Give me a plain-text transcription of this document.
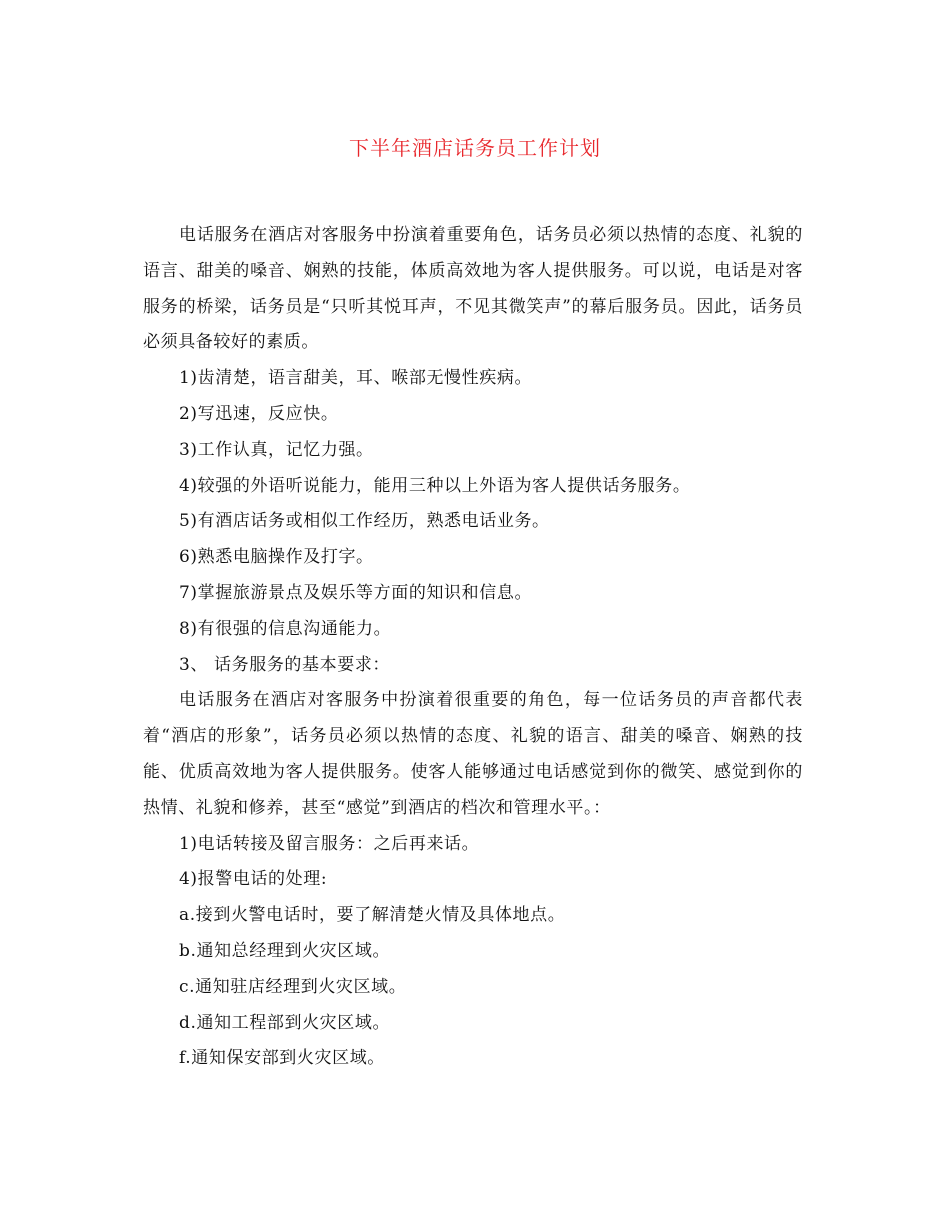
下半年酒店话务员工作计划

电话服务在酒店对客服务中扮演着重要角色，话务员必须以热情的态度、礼貌的语言、甜美的嗓音、娴熟的技能，体质高效地为客人提供服务。可以说，电话是对客服务的桥梁，话务员是“只听其悦耳声，不见其微笑声”的幕后服务员。因此，话务员必须具备较好的素质。

1)齿清楚，语言甜美，耳、喉部无慢性疾病。

2)写迅速，反应快。

3)工作认真，记忆力强。

4)较强的外语听说能力，能用三种以上外语为客人提供话务服务。

5)有酒店话务或相似工作经历，熟悉电话业务。

6)熟悉电脑操作及打字。

7)掌握旅游景点及娱乐等方面的知识和信息。

8)有很强的信息沟通能力。

3、 话务服务的基本要求：

电话服务在酒店对客服务中扮演着很重要的角色，每一位话务员的声音都代表着“酒店的形象”，话务员必须以热情的态度、礼貌的语言、甜美的嗓音、娴熟的技能、优质高效地为客人提供服务。使客人能够通过电话感觉到你的微笑、感觉到你的热情、礼貌和修养，甚至“感觉”到酒店的档次和管理水平。：

1)电话转接及留言服务：之后再来话。

4)报警电话的处理:

a.接到火警电话时，要了解清楚火情及具体地点。

b.通知总经理到火灾区域。

c.通知驻店经理到火灾区域。

d.通知工程部到火灾区域。

f.通知保安部到火灾区域。
